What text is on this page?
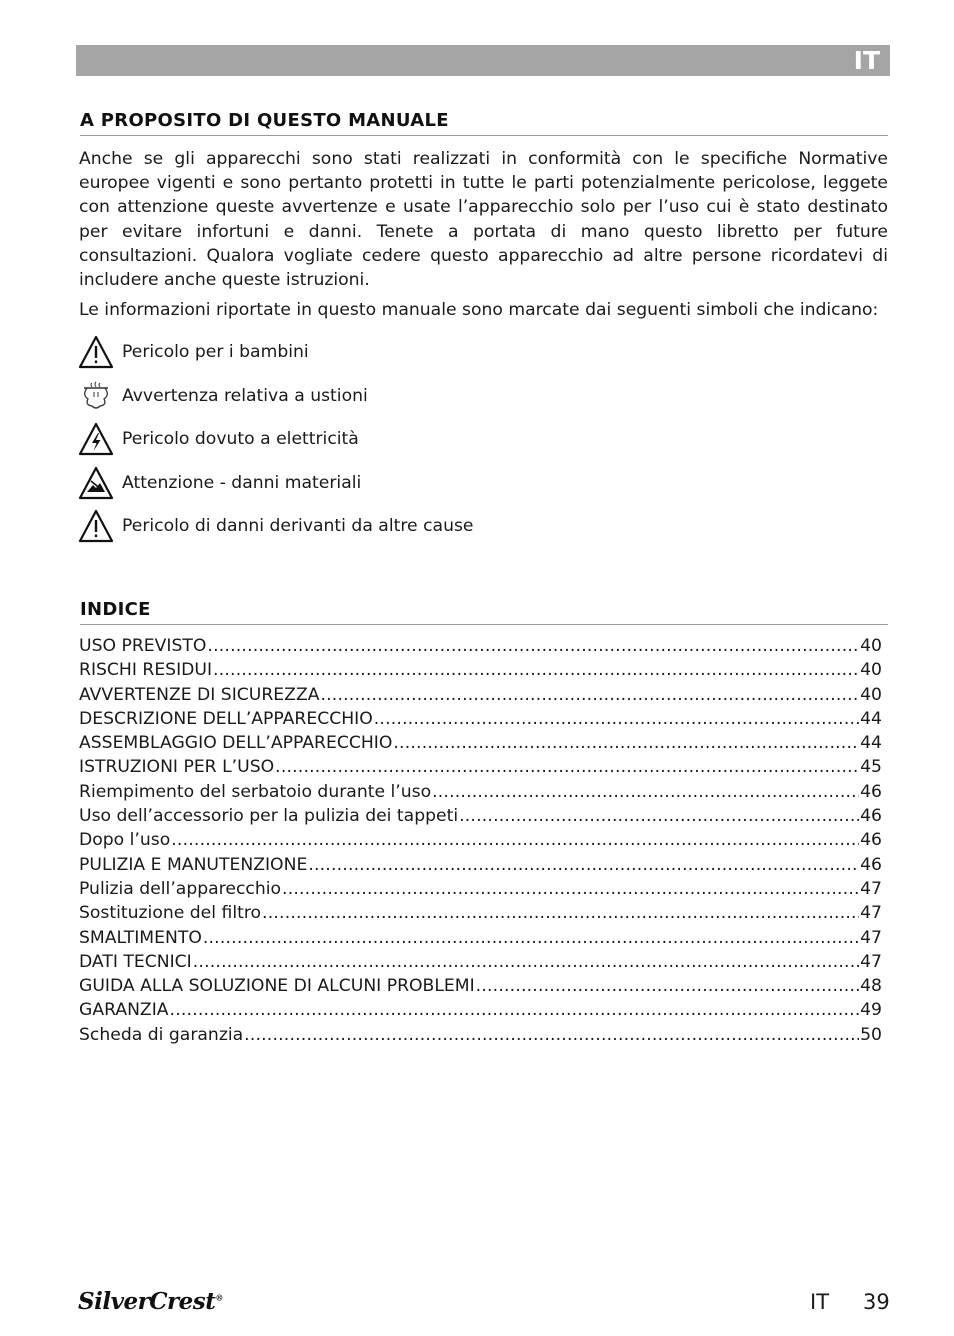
IT
A PROPOSITO DI QUESTO MANUALE

Anche se gli apparecchi sono stati realizzati in conformità con le specifiche Normative europee vigenti e sono pertanto protetti in tutte le parti potenzialmente pericolose, leggete con attenzione queste avvertenze e usate l’apparecchio solo per l’uso cui è stato destinato per evitare infortuni e danni. Tenete a portata di mano questo libretto per future consultazioni. Qualora vogliate cedere questo apparecchio ad altre persone ricordatevi di includere anche queste istruzioni.

Le informazioni riportate in questo manuale sono marcate dai seguenti simboli che indicano:

Pericolo per i bambini
Avvertenza relativa a ustioni
Pericolo dovuto a elettricità
Attenzione - danni materiali
Pericolo di danni derivanti da altre cause
INDICE
USO PREVISTO .....	40
RISCHI RESIDUI .....	40
AVVERTENZE DI SICUREZZA .....	40
DESCRIZIONE DELL’APPARECCHIO .....	44
ASSEMBLAGGIO DELL’APPARECCHIO .....	44
ISTRUZIONI PER L’USO .....	45
Riempimento del serbatoio durante l’uso .....	46
Uso dell’accessorio per la pulizia dei tappeti .....	46
Dopo l’uso .....	46
PULIZIA E MANUTENZIONE .....	46
Pulizia dell’apparecchio .....	47
Sostituzione del filtro .....	47
SMALTIMENTO .....	47
DATI TECNICI .....	47
GUIDA ALLA SOLUZIONE DI ALCUNI PROBLEMI .....	48
GARANZIA .....	49
Scheda di garanzia .....	50
SilverCrest®	IT 39
